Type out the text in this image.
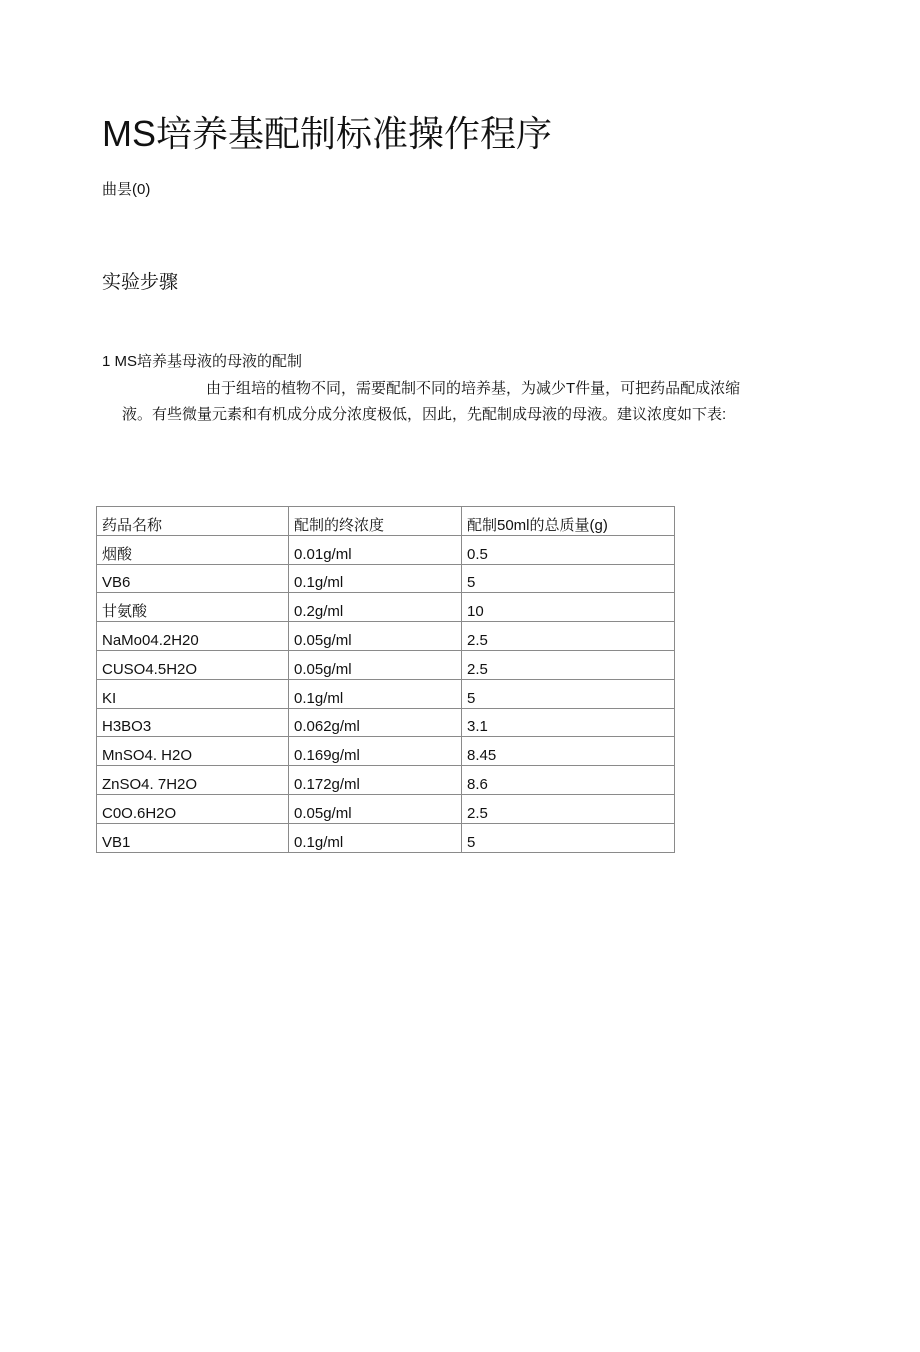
MS培养基配制标准操作程序
曲昙(0)
实验步骤
1 MS培养基母液的母液的配制
由于组培的植物不同，需要配制不同的培养基，为减少T件量，可把药品配成浓缩
液。有些微量元素和有机成分成分浓度极低，因此，先配制成母液的母液。建议浓度如下表:
药品名称	配制的终浓度	配制50ml的总质量(g)
烟酸	0.01g/ml	0.5
VB6	0.1g/ml	5
甘氨酸	0.2g/ml	10
NaMo04.2H20	0.05g/ml	2.5
CUSO4.5H2O	0.05g/ml	2.5
KI	0.1g/ml	5
H3BO3	0.062g/ml	3.1
MnSO4. H2O	0.169g/ml	8.45
ZnSO4. 7H2O	0.172g/ml	8.6
C0O.6H2O	0.05g/ml	2.5
VB1	0.1g/ml	5
